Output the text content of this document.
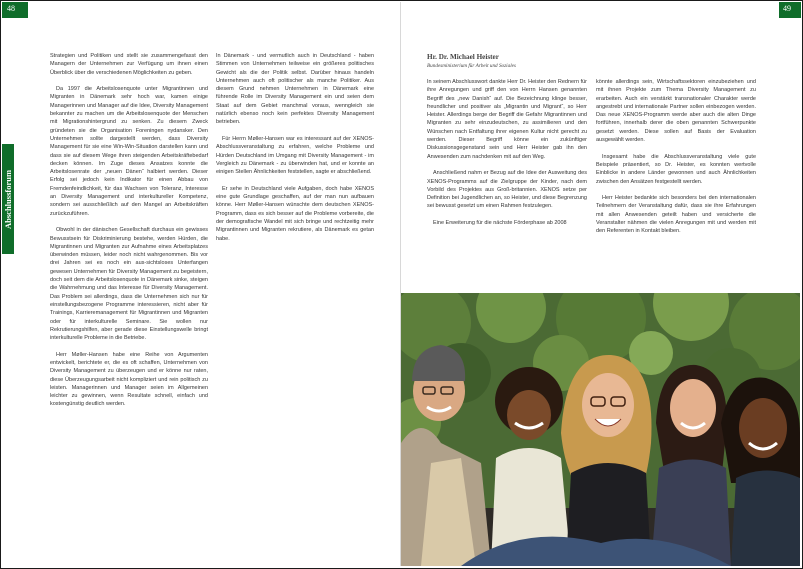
48	49
Abschlussforum

Strategien und Politiken und stellt sie zusammengefasst den Managern der Unternehmen zur Verfügung um ihnen einen Überblick über die verschiedenen Möglichkeiten zu geben.

Da 1997 die Arbeitslosenquote unter Migrantinnen und Migranten in Dänemark sehr hoch war, kamen einige Managerinnen und Manager auf die Idee, Diversity Management bekannter zu machen um die Arbeitslosenquote der Menschen mit Migrationshintergrund zu senken. Zu diesem Zweck gründeten sie die Organisation Foreningen nydansker. Den Unternehmen sollte dargestellt werden, dass Diversity Management für sie eine Win-Win-Situation darstellen kann und dass sie auf diesem Wege ihren steigenden Arbeitskräftebedarf decken können. Im Zuge dieses Ansatzes konnte die Arbeitslosenrate der „neuen Dänen“ halbiert werden. Dieser Erfolg sei jedoch kein Indikator für einen Abbau von Fremdenfeindlichkeit, für das Wachsen von Toleranz, Interesse an Diversity Management und interkultureller Kompetenz, sondern sei ausschließlich auf den Mangel an Arbeitskräften zurückzuführen.

Obwohl in der dänischen Gesellschaft durchaus ein gewisses Bewusstsein für Diskriminierung bestehe, werden Hürden, die Migrantinnen und Migranten zur Aufnahme eines Arbeitsplatzes überwinden müssen, leider noch nicht wahrgenommen. Bis vor drei Jahren sei es noch ein aus-sichtsloses Unterfangen gewesen Unternehmen für Diversity Management zu begeistern, doch seit dem die Arbeitslosenquote in Dänemark sinke, steigen die Wahrnehmung und das Interesse für Diversity Management. Das Problem sei allerdings, dass die Unternehmen sich nur für einstellungsbezogene Programme interessieren, nicht aber für Trainings, Karrieremanagement für Migrantinnen und Migranten oder für interkulturelle Seminare. Sie wollen nur Rekrutierungshilfen, aber gerade diese Einstellungswelle bringt interkulturelle Probleme in die Betriebe.

Herr Møller-Hansen habe eine Reihe von Argumenten entwickelt, berichtete er, die es oft schaffen, Unternehmen von Diversity Management zu überzeugen und er könne nur raten, diese Überzeugungsarbeit nicht kompliziert und rein politisch zu leisten. Managerinnen und Manager seien im Allgemeinen leichter zu gewinnen, wenn Resultate schnell, einfach und kostengünstig deutlich werden.

In Dänemark - und vermutlich auch in Deutschland - haben Stimmen von Unternehmen teilweise ein größeres politisches Gewicht als die der Politik selbst. Darüber hinaus handeln Unternehmen auch oft politischer als manche Politiker. Aus diesem Grund nehmen Unternehmen in Dänemark eine führende Rolle im Diversity Management ein und seien dem Staat auf dem Gebiet manchmal voraus, wenngleich sie natürlich ebenso noch kein perfektes Diversity Management betrieben.

Für Herrn Møller-Hansen war es interessant auf der XENOS-Abschlussveranstaltung zu erfahren, welche Probleme und Hürden Deutschland im Umgang mit Diversity Management - im Vergleich zu Dänemark - zu überwinden hat, und er konnte an einigen Stellen Ähnlichkeiten feststellen, sagte er abschließend.

Er sehe in Deutschland viele Aufgaben, doch habe XENOS eine gute Grundlage geschaffen, auf der man nun aufbauen könne. Herr Møller-Hansen wünschte dem deutschen XENOS-Programm, dass es sich besser auf die Probleme vorbereite, die der demografische Wandel mit sich bringe und rechtzeitig mehr Migrantinnen und Migranten rekrutiere, als Dänemark es getan habe.

Hr. Dr. Michael Heister
Bundesministerium für Arbeit und Soziales

In seinem Abschlusswort dankte Herr Dr. Heister den Rednern für ihre Anregungen und griff den von Herrn Hansen genannten Begriff des „new Danish“ auf. Die Bezeichnung klinge besser, freundlicher und positiver als „Migrantin und Migrant“, so Herr Heister. Allerdings berge der Begriff die Gefahr Migrantinnen und Migranten zu sehr einzudeutschen, zu assimilieren und den Wünschen nach Entfaltung ihrer eigenen Kultur nicht gerecht zu werden. Dieser Begriff könne ein zukünftiger Diskussionsgegenstand sein und Herr Heister gab ihn den Anwesenden zum nachdenken mit auf den Weg.

Anschließend nahm er Bezug auf die Idee der Ausweitung des XENOS-Programms auf die Zielgruppe der Kinder, nach dem Vorbild des Projektes aus Groß-britannien. XENOS setze per Definition bei Jugendlichen an, so Heister, und diese Begrenzung sei bewusst gesetzt um einen Rahmen festzulegen.

Eine Erweiterung für die nächste Förderphase ab 2008

könnte allerdings sein, Wirtschaftssektoren einzubeziehen und mit ihnen Projekte zum Thema Diversity Management zu erarbeiten. Auch ein verstärkt transnationaler Charakter werde angestrebt und internationale Partner sollen einbezogen werden. Das neue XENOS-Programm werde aber auch die alten Dinge fortführen, innerhalb derer die oben genannten Schwerpunkte gesetzt werden. Diese sollen auf Basis der Evaluation ausgewählt werden.

Insgesamt habe die Abschlussveranstaltung viele gute Beispiele präsentiert, so Dr. Heister, es konnten wertvolle Einblicke in andere Länder gewonnen und auch Ähnlichkeiten zwischen den Ansätzen festgestellt werden.

Herr Heister bedankte sich besonders bei den internationalen Teilnehmern der Veranstaltung dafür, dass sie ihre Erfahrungen mit allen Anwesenden geteilt haben und versicherte die Veranstalter nähmen die vielen Anregungen mit und werden mit den Referenten in Kontakt bleiben.
